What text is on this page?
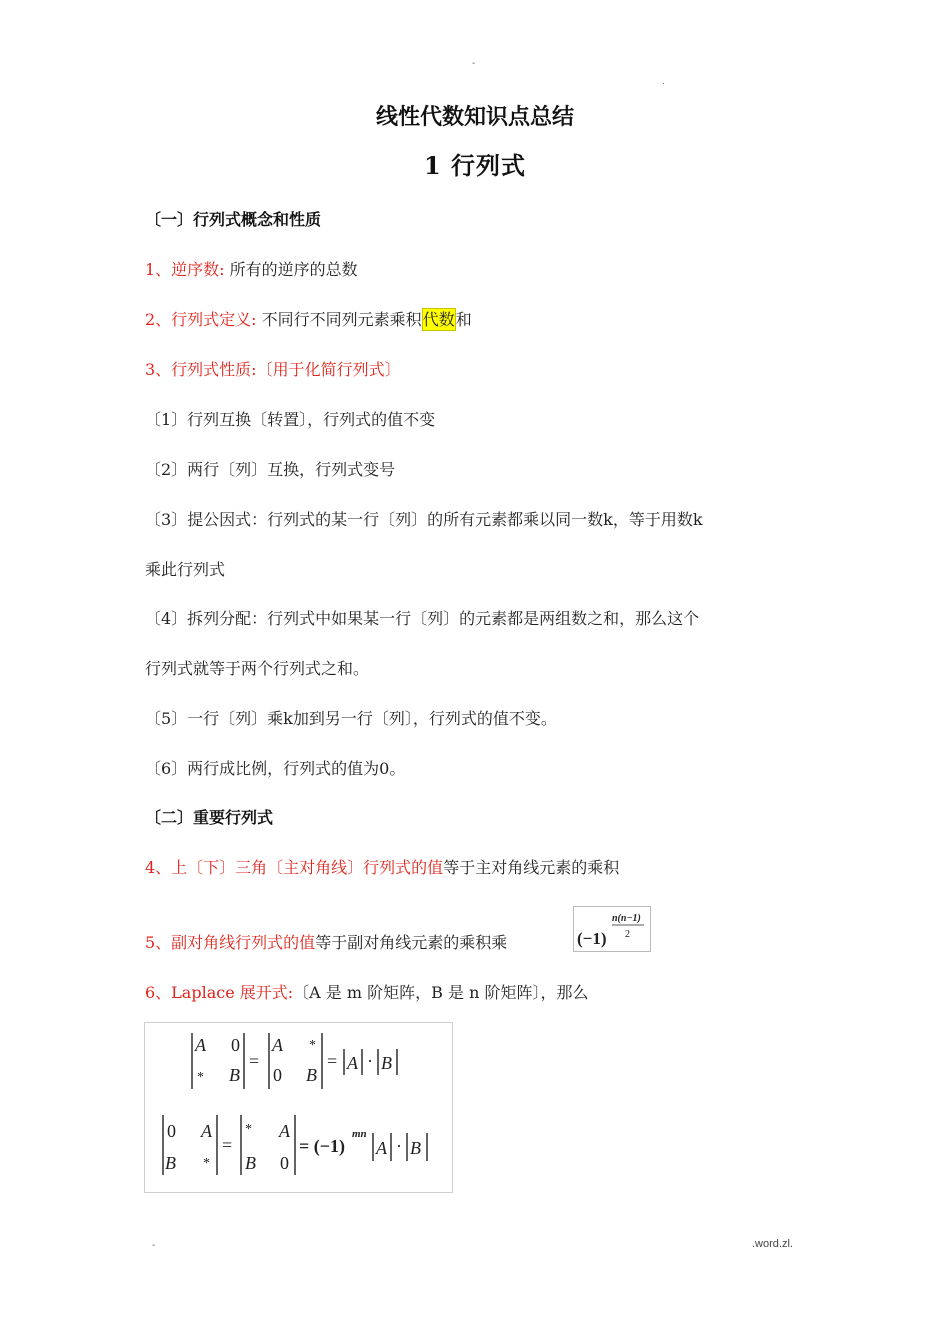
-
.
线性代数知识点总结
1 行列式
〔一〕行列式概念和性质
1、逆序数: 所有的逆序的总数
2、行列式定义: 不同行不同列元素乘积代数和
3、行列式性质:〔用于化简行列式〕
〔1〕行列互换〔转置〕，行列式的值不变
〔2〕两行〔列〕互换，行列式变号
〔3〕提公因式：行列式的某一行〔列〕的所有元素都乘以同一数k，等于用数k
乘此行列式
〔4〕拆列分配：行列式中如果某一行〔列〕的元素都是两组数之和，那么这个
行列式就等于两个行列式之和。
〔5〕一行〔列〕乘k加到另一行〔列〕，行列式的值不变。
〔6〕两行成比例，行列式的值为0。
〔二〕重要行列式
4、上〔下〕三角〔主对角线〕行列式的值等于主对角线元素的乘积
5、副对角线行列式的值等于副对角线元素的乘积乘	(−1)
n(n−1)
2
6、Laplace 展开式:〔A 是 m 阶矩阵，B 是 n 阶矩阵〕，那么
A 0
* B
=
A *
0 B
= A · B
0 A
B *
=
* A
B 0
= (−1)
mn
A · B
-	.word.zl.
